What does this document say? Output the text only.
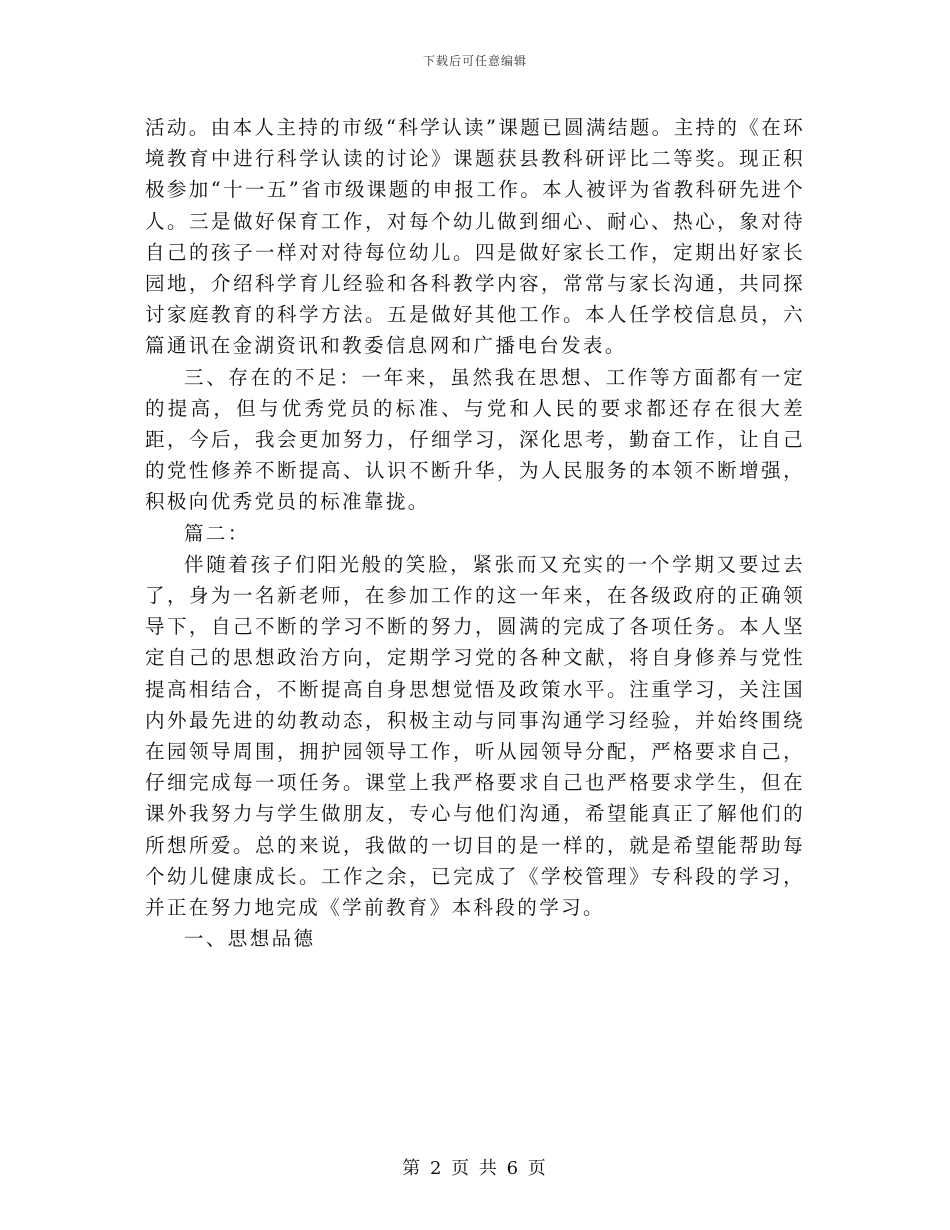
下载后可任意编辑

活动。由本人主持的市级“科学认读”课题已圆满结题。主持的《在环境教育中进行科学认读的讨论》课题获县教科研评比二等奖。现正积极参加“十一五”省市级课题的申报工作。本人被评为省教科研先进个人。三是做好保育工作，对每个幼儿做到细心、耐心、热心，象对待自己的孩子一样对对待每位幼儿。四是做好家长工作，定期出好家长园地，介绍科学育儿经验和各科教学内容，常常与家长沟通，共同探讨家庭教育的科学方法。五是做好其他工作。本人任学校信息员，六篇通讯在金湖资讯和教委信息网和广播电台发表。

三、存在的不足：一年来，虽然我在思想、工作等方面都有一定的提高，但与优秀党员的标准、与党和人民的要求都还存在很大差距，今后，我会更加努力，仔细学习，深化思考，勤奋工作，让自己的党性修养不断提高、认识不断升华，为人民服务的本领不断增强，积极向优秀党员的标准靠拢。

篇二：

伴随着孩子们阳光般的笑脸，紧张而又充实的一个学期又要过去了，身为一名新老师，在参加工作的这一年来，在各级政府的正确领导下，自己不断的学习不断的努力，圆满的完成了各项任务。本人坚定自己的思想政治方向，定期学习党的各种文献，将自身修养与党性提高相结合，不断提高自身思想觉悟及政策水平。注重学习，关注国内外最先进的幼教动态，积极主动与同事沟通学习经验，并始终围绕在园领导周围，拥护园领导工作，听从园领导分配，严格要求自己，仔细完成每一项任务。课堂上我严格要求自己也严格要求学生，但在课外我努力与学生做朋友，专心与他们沟通，希望能真正了解他们的所想所爱。总的来说，我做的一切目的是一样的，就是希望能帮助每个幼儿健康成长。工作之余，已完成了《学校管理》专科段的学习，并正在努力地完成《学前教育》本科段的学习。

一、思想品德

第 2 页 共 6 页
